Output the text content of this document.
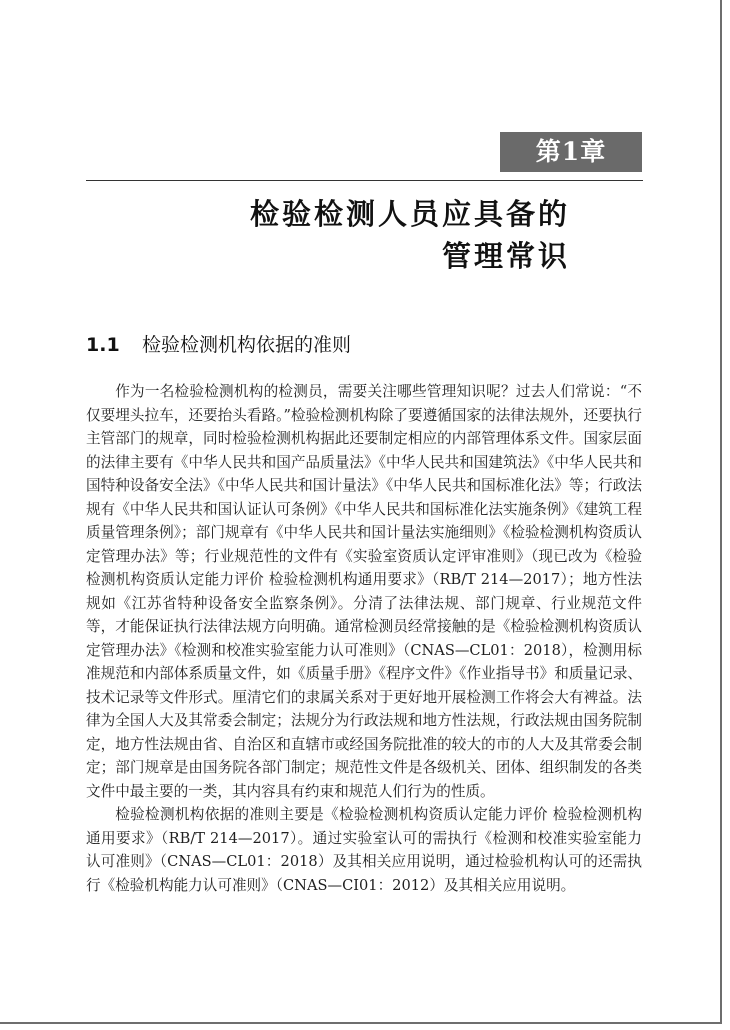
第1章
检验检测人员应具备的
管理常识
1.1 检验检测机构依据的准则

作为一名检验检测机构的检测员，需要关注哪些管理知识呢？过去人们常说：“不仅要埋头拉车，还要抬头看路。”检验检测机构除了要遵循国家的法律法规外，还要执行主管部门的规章，同时检验检测机构据此还要制定相应的内部管理体系文件。国家层面的法律主要有《中华人民共和国产品质量法》《中华人民共和国建筑法》《中华人民共和国特种设备安全法》《中华人民共和国计量法》《中华人民共和国标准化法》等；行政法规有《中华人民共和国认证认可条例》《中华人民共和国标准化法实施条例》《建筑工程质量管理条例》；部门规章有《中华人民共和国计量法实施细则》《检验检测机构资质认定管理办法》等；行业规范性的文件有《实验室资质认定评审准则》（现已改为《检验检测机构资质认定能力评价 检验检测机构通用要求》（RB/T 214—2017）；地方性法规如《江苏省特种设备安全监察条例》。分清了法律法规、部门规章、行业规范文件等，才能保证执行法律法规方向明确。通常检测员经常接触的是《检验检测机构资质认定管理办法》《检测和校准实验室能力认可准则》（CNAS—CL01：2018），检测用标准规范和内部体系质量文件，如《质量手册》《程序文件》《作业指导书》和质量记录、技术记录等文件形式。厘清它们的隶属关系对于更好地开展检测工作将会大有裨益。法律为全国人大及其常委会制定；法规分为行政法规和地方性法规，行政法规由国务院制定，地方性法规由省、自治区和直辖市或经国务院批准的较大的市的人大及其常委会制定；部门规章是由国务院各部门制定；规范性文件是各级机关、团体、组织制发的各类文件中最主要的一类，其内容具有约束和规范人们行为的性质。

检验检测机构依据的准则主要是《检验检测机构资质认定能力评价 检验检测机构通用要求》（RB/T 214—2017）。通过实验室认可的需执行《检测和校准实验室能力认可准则》（CNAS—CL01：2018）及其相关应用说明，通过检验机构认可的还需执行《检验机构能力认可准则》（CNAS—CI01：2012）及其相关应用说明。
